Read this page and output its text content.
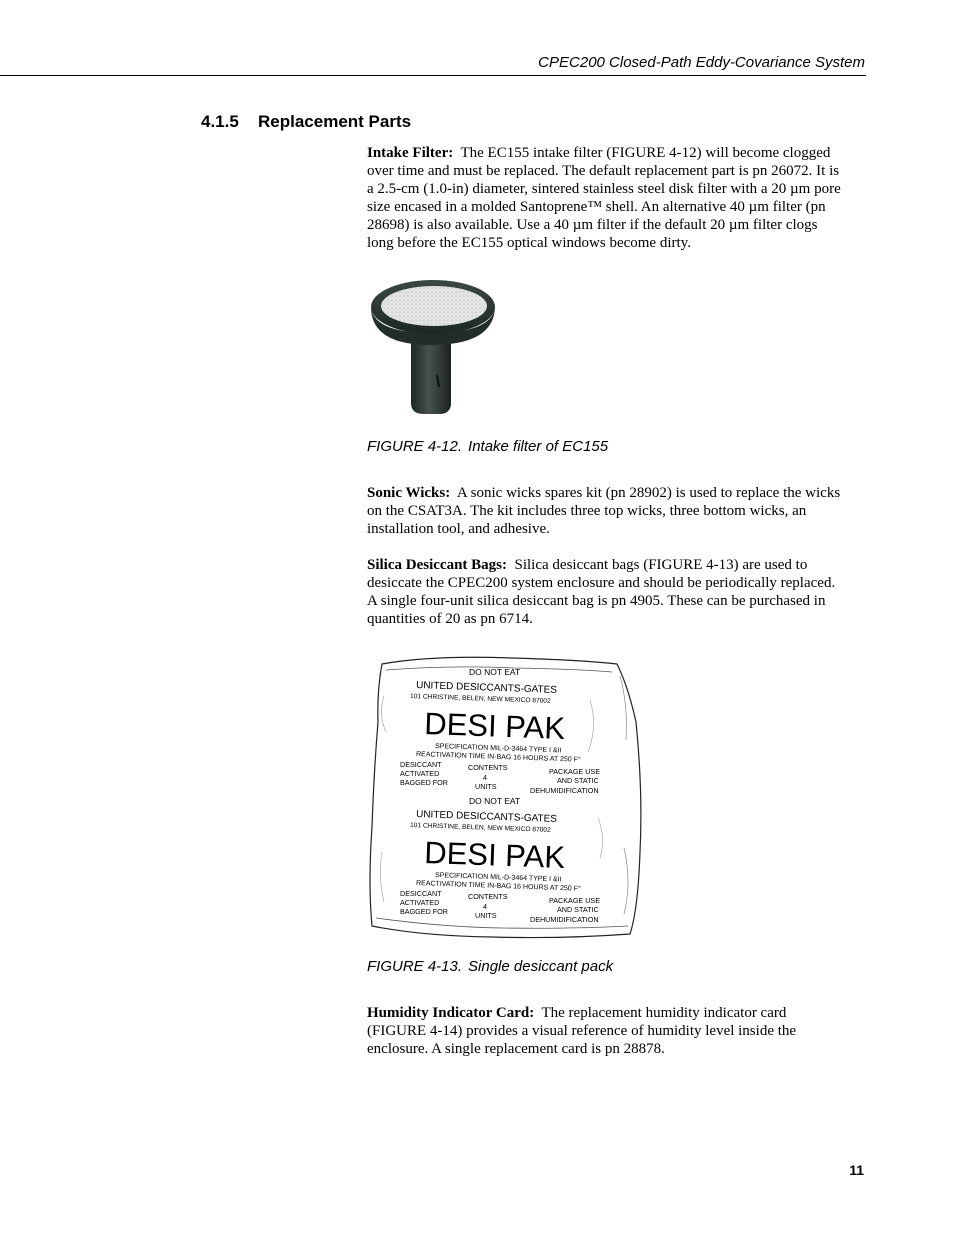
CPEC200 Closed-Path Eddy-Covariance System
4.1.5 Replacement Parts

Intake Filter: The EC155 intake filter (FIGURE 4-12) will become clogged
over time and must be replaced. The default replacement part is pn 26072. It is
a 2.5-cm (1.0-in) diameter, sintered stainless steel disk filter with a 20 µm pore
size encased in a molded Santoprene™ shell. An alternative 40 µm filter (pn
28698) is also available. Use a 40 µm filter if the default 20 µm filter clogs
long before the EC155 optical windows become dirty.

FIGURE 4-12. Intake filter of EC155

Sonic Wicks: A sonic wicks spares kit (pn 28902) is used to replace the wicks
on the CSAT3A. The kit includes three top wicks, three bottom wicks, an
installation tool, and adhesive.

Silica Desiccant Bags: Silica desiccant bags (FIGURE 4-13) are used to
desiccate the CPEC200 system enclosure and should be periodically replaced.
A single four-unit silica desiccant bag is pn 4905. These can be purchased in
quantities of 20 as pn 6714.

DO NOT EAT
UNITED DESICCANTS-GATES
101 CHRISTINE, BELEN, NEW MEXICO 87002
DESI PAK
SPECIFICATION MIL-D-3464 TYPE I &II
REACTIVATION TIME IN-BAG 16 HOURS AT 250 F°
DESICCANT
ACTIVATED
BAGGED FOR
CONTENTS
4
UNITS
PACKAGE USE
AND STATIC
DEHUMIDIFICATION
DO NOT EAT
UNITED DESICCANTS-GATES
101 CHRISTINE, BELEN, NEW MEXICO 87002
DESI PAK
SPECIFICATION MIL-D-3464 TYPE I &II
REACTIVATION TIME IN-BAG 16 HOURS AT 250 F°
DESICCANT
ACTIVATED
BAGGED FOR
CONTENTS
4
UNITS
PACKAGE USE
AND STATIC
DEHUMIDIFICATION

FIGURE 4-13. Single desiccant pack

Humidity Indicator Card: The replacement humidity indicator card
(FIGURE 4-14) provides a visual reference of humidity level inside the
enclosure. A single replacement card is pn 28878.

11
